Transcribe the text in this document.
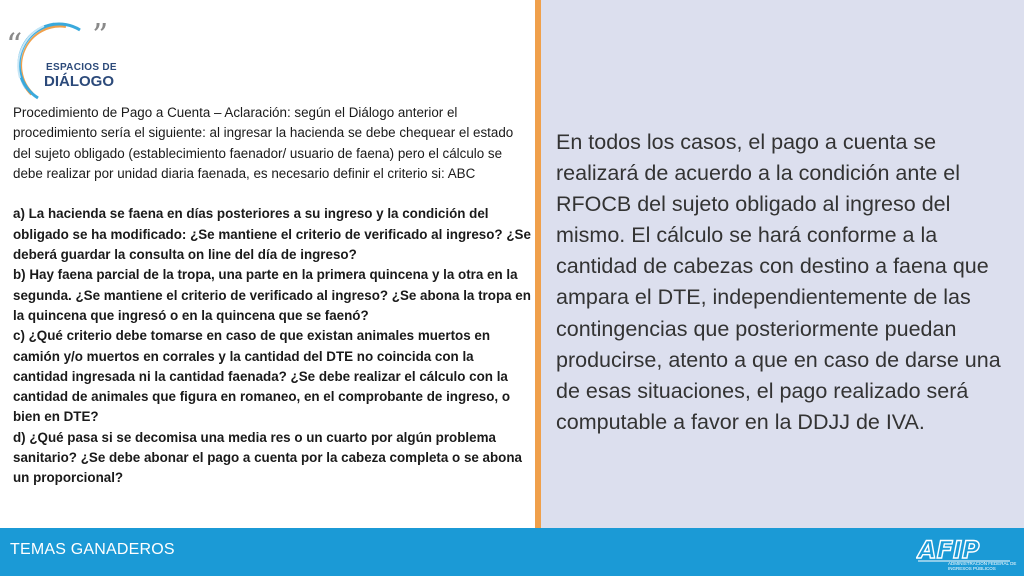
“ ”
ESPACIOS DE
DIÁLOGO

Procedimiento de Pago a Cuenta – Aclaración: según el Diálogo anterior el procedimiento sería el siguiente: al ingresar la hacienda se debe chequear el estado del sujeto obligado (establecimiento faenador/ usuario de faena) pero el cálculo se debe realizar por unidad diaria faenada, es necesario definir el criterio si: ABC

a) La hacienda se faena en días posteriores a su ingreso y la condición del obligado se ha modificado: ¿Se mantiene el criterio de verificado al ingreso? ¿Se deberá guardar la consulta on line del día de ingreso?

b) Hay faena parcial de la tropa, una parte en la primera quincena y la otra en la segunda. ¿Se mantiene el criterio de verificado al ingreso? ¿Se abona la tropa en la quincena que ingresó o en la quincena que se faenó?

c) ¿Qué criterio debe tomarse en caso de que existan animales muertos en camión y/o muertos en corrales y la cantidad del DTE no coincida con la cantidad ingresada ni la cantidad faenada? ¿Se debe realizar el cálculo con la cantidad de animales que figura en romaneo, en el comprobante de ingreso, o bien en DTE?

d) ¿Qué pasa si se decomisa una media res o un cuarto por algún problema sanitario? ¿Se debe abonar el pago a cuenta por la cabeza completa o se abona un proporcional?

En todos los casos, el pago a cuenta se realizará de acuerdo a la condición ante el RFOCB del sujeto obligado al ingreso del mismo. El cálculo se hará conforme a la cantidad de cabezas con destino a faena que ampara el DTE, independientemente de las contingencias que posteriormente puedan producirse, atento a que en caso de darse una de esas situaciones, el pago realizado será computable a favor en la DDJJ de IVA.
TEMAS GANADEROS	AFIP
ADMINISTRACIÓN FEDERAL DE INGRESOS PÚBLICOS
